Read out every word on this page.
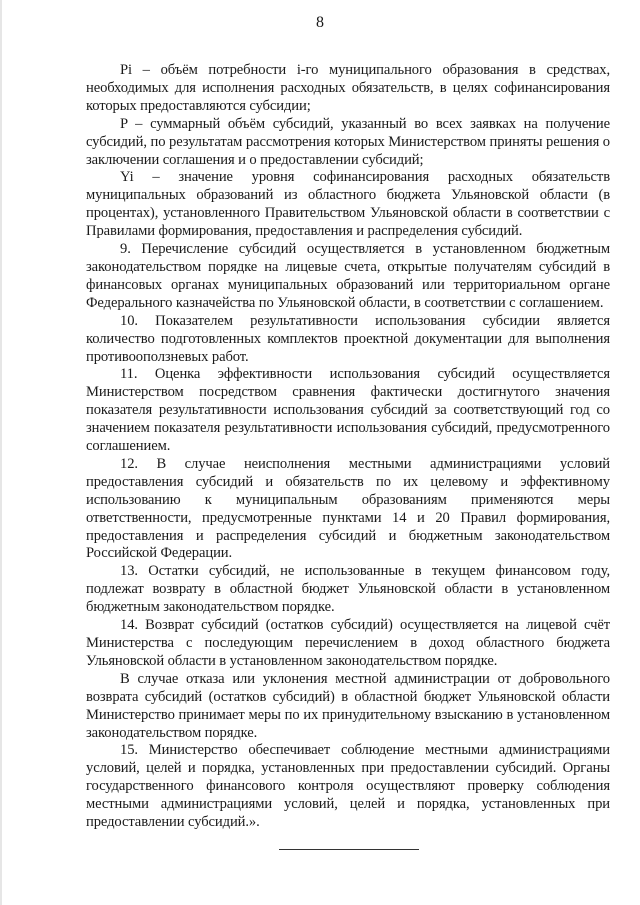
8

Pi – объём потребности i-го муниципального образования в средствах, необходимых для исполнения расходных обязательств, в целях софинансирования которых предоставляются субсидии;

P – суммарный объём субсидий, указанный во всех заявках на получение субсидий, по результатам рассмотрения которых Министерством приняты решения о заключении соглашения и о предоставлении субсидий;

Yi – значение уровня софинансирования расходных обязательств муниципальных образований из областного бюджета Ульяновской области (в процентах), установленного Правительством Ульяновской области в соответствии с Правилами формирования, предоставления и распределения субсидий.

9. Перечисление субсидий осуществляется в установленном бюджетным законодательством порядке на лицевые счета, открытые получателям субсидий в финансовых органах муниципальных образований или территориальном органе Федерального казначейства по Ульяновской области, в соответствии с соглашением.

10. Показателем результативности использования субсидии является количество подготовленных комплектов проектной документации для выполнения противооползневых работ.

11. Оценка эффективности использования субсидий осуществляется Министерством посредством сравнения фактически достигнутого значения показателя результативности использования субсидий за соответствующий год со значением показателя результативности использования субсидий, предусмотренного соглашением.

12. В случае неисполнения местными администрациями условий предоставления субсидий и обязательств по их целевому и эффективному использованию к муниципальным образованиям применяются меры ответственности, предусмотренные пунктами 14 и 20 Правил формирования, предоставления и распределения субсидий и бюджетным законодательством Российской Федерации.

13. Остатки субсидий, не использованные в текущем финансовом году, подлежат возврату в областной бюджет Ульяновской области в установленном бюджетным законодательством порядке.

14. Возврат субсидий (остатков субсидий) осуществляется на лицевой счёт Министерства с последующим перечислением в доход областного бюджета Ульяновской области в установленном законодательством порядке.

В случае отказа или уклонения местной администрации от добровольного возврата субсидий (остатков субсидий) в областной бюджет Ульяновской области Министерство принимает меры по их принудительному взысканию в установленном законодательством порядке.

15. Министерство обеспечивает соблюдение местными администрациями условий, целей и порядка, установленных при предоставлении субсидий. Органы государственного финансового контроля осуществляют проверку соблюдения местными администрациями условий, целей и порядка, установленных при предоставлении субсидий.».
